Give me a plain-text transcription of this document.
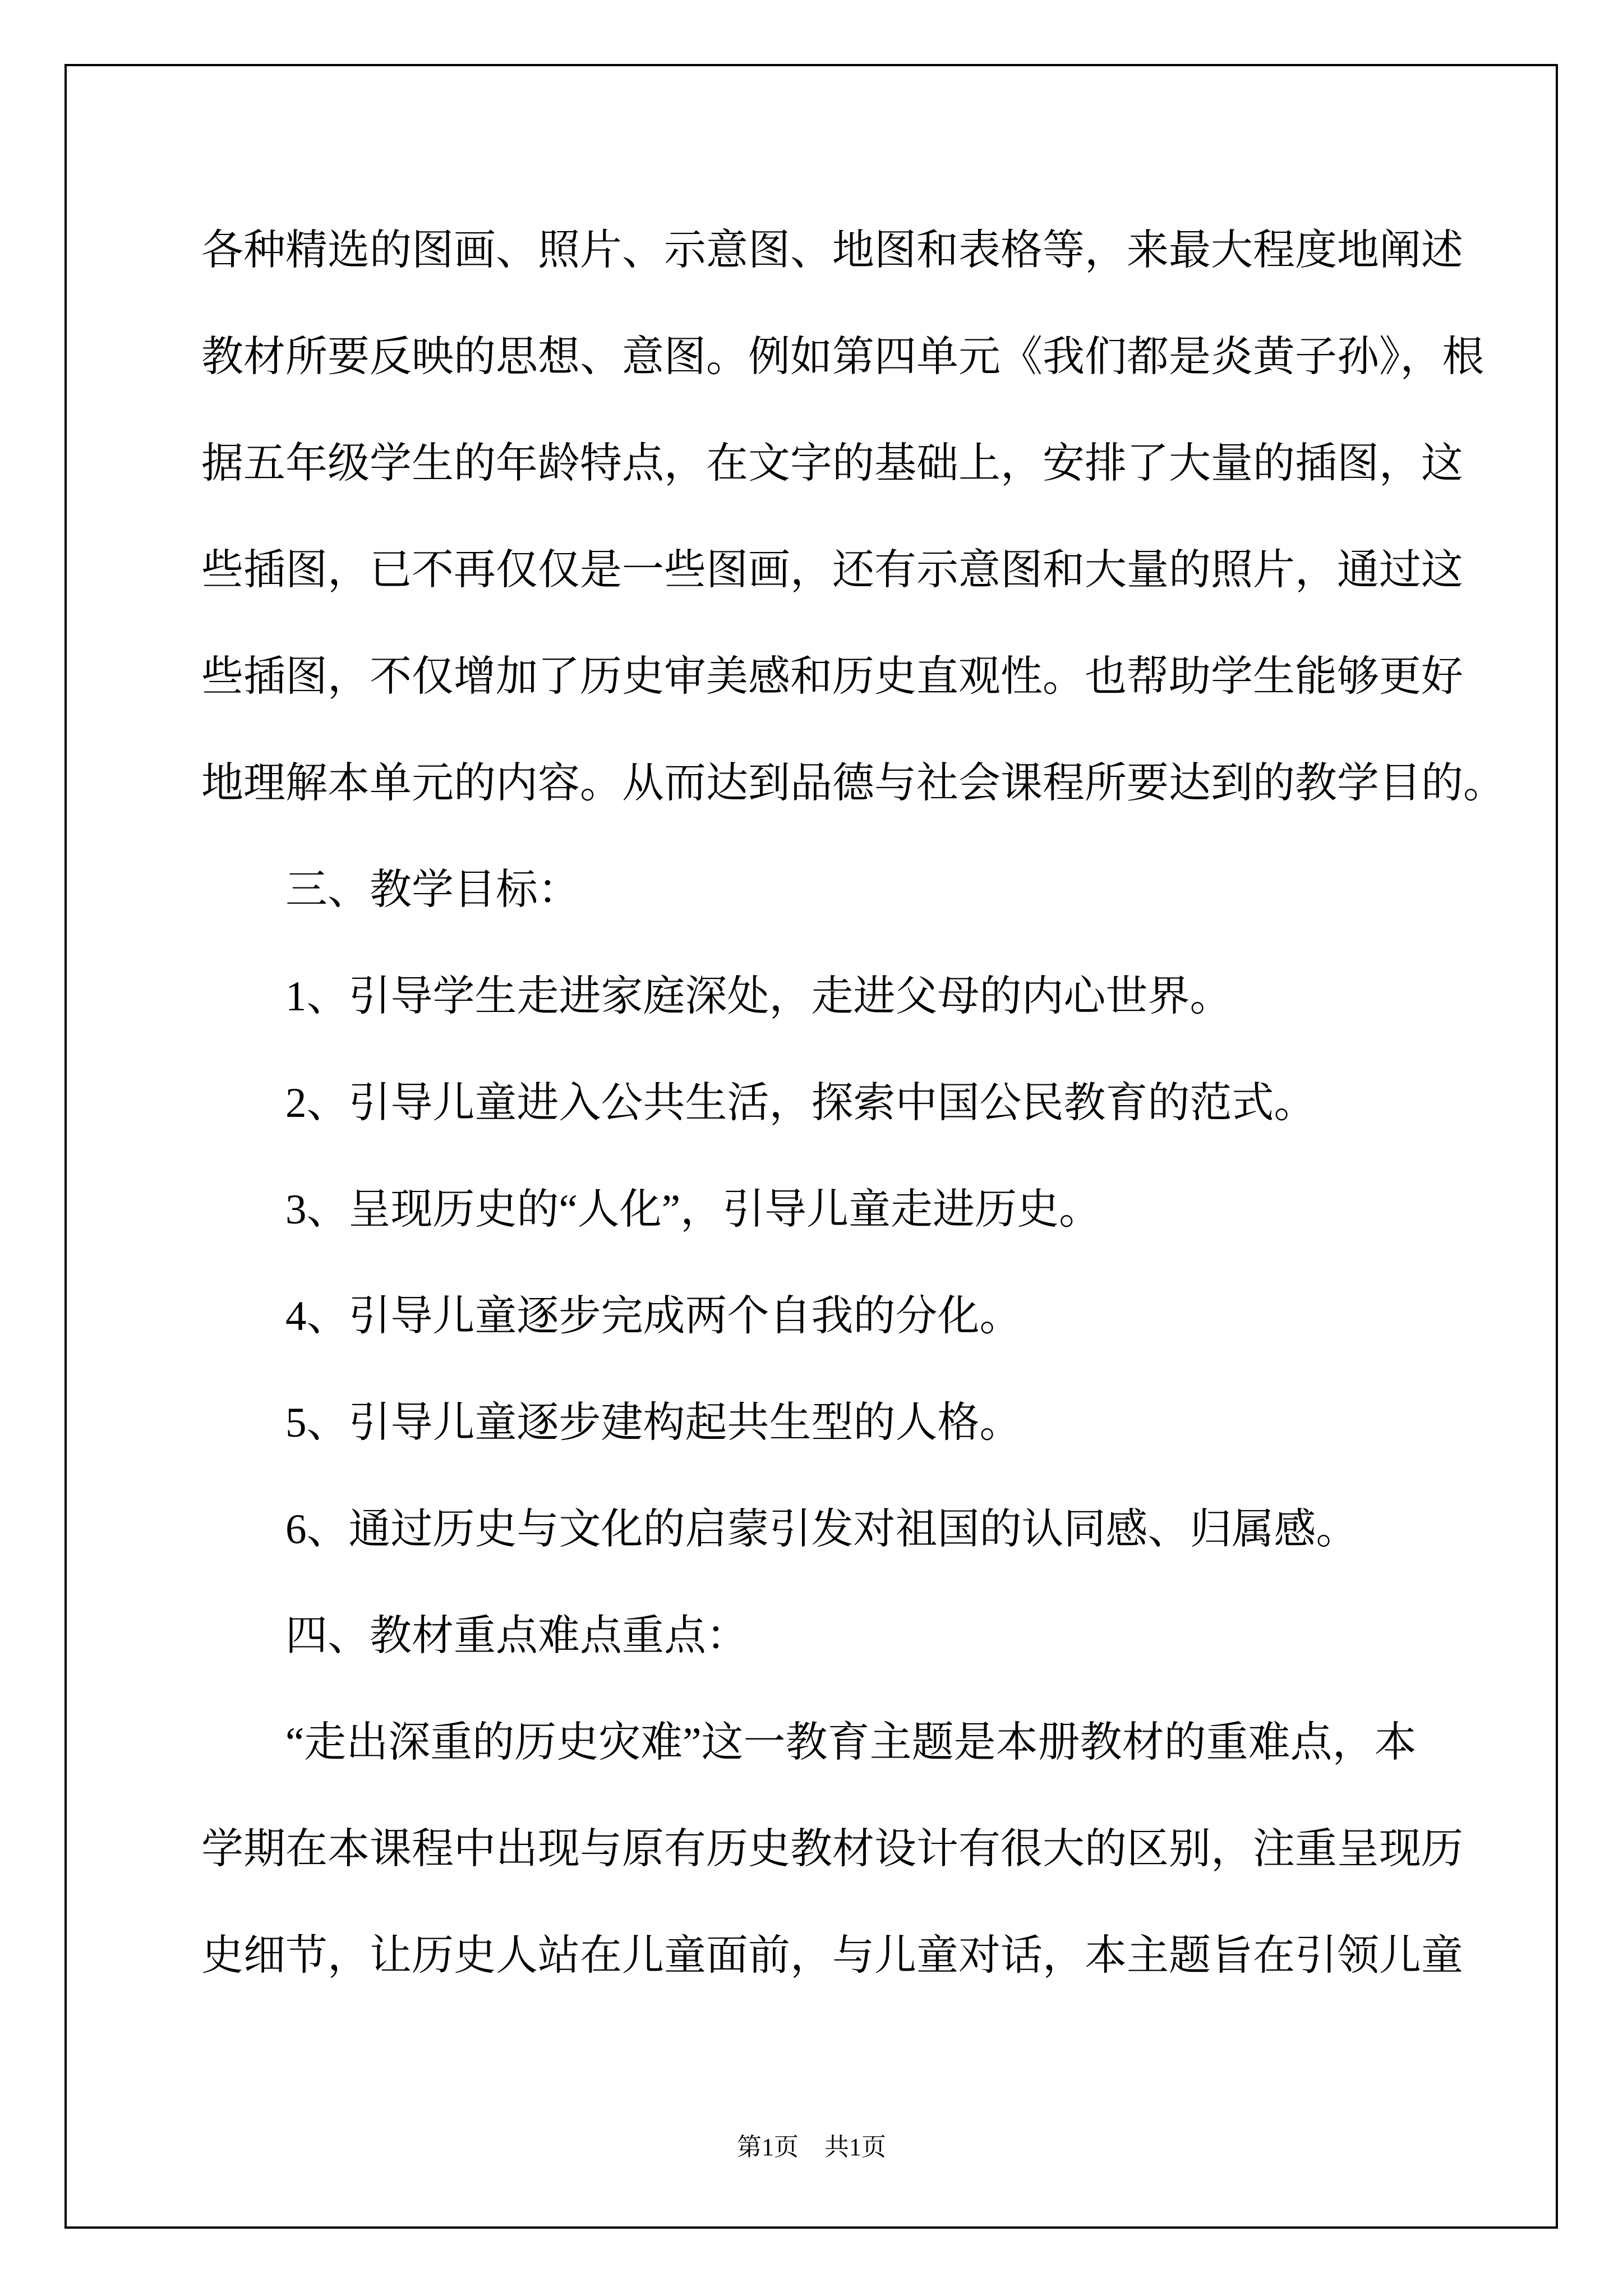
各种精选的图画、照片、示意图、地图和表格等，来最大程度地阐述
教材所要反映的思想、意图。例如第四单元《我们都是炎黄子孙》，根
据五年级学生的年龄特点，在文字的基础上，安排了大量的插图，这
些插图，已不再仅仅是一些图画，还有示意图和大量的照片，通过这
些插图，不仅增加了历史审美感和历史直观性。也帮助学生能够更好
地理解本单元的内容。从而达到品德与社会课程所要达到的教学目的。
三、教学目标：
1、引导学生走进家庭深处，走进父母的内心世界。
2、引导儿童进入公共生活，探索中国公民教育的范式。
3、呈现历史的“人化”，引导儿童走进历史。
4、引导儿童逐步完成两个自我的分化。
5、引导儿童逐步建构起共生型的人格。
6、通过历史与文化的启蒙引发对祖国的认同感、归属感。
四、教材重点难点重点：
“走出深重的历史灾难”这一教育主题是本册教材的重难点，本
学期在本课程中出现与原有历史教材设计有很大的区别，注重呈现历
史细节，让历史人站在儿童面前，与儿童对话，本主题旨在引领儿童
第1页 共1页
